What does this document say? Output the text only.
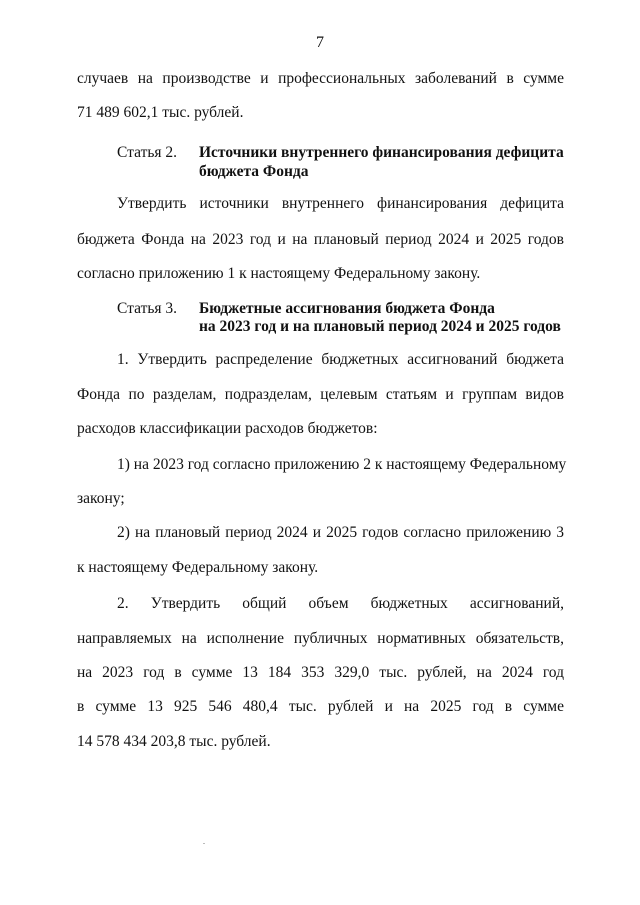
7
случаев на производстве и профессиональных заболеваний в сумме
71 489 602,1 тыс. рублей.
Статья 2. Источники внутреннего финансирования дефицита
бюджета Фонда
Утвердить источники внутреннего финансирования дефицита
бюджета Фонда на 2023 год и на плановый период 2024 и 2025 годов
согласно приложению 1 к настоящему Федеральному закону.
Статья 3. Бюджетные ассигнования бюджета Фонда
на 2023 год и на плановый период 2024 и 2025 годов
1. Утвердить распределение бюджетных ассигнований бюджета
Фонда по разделам, подразделам, целевым статьям и группам видов
расходов классификации расходов бюджетов:
1) на 2023 год согласно приложению 2 к настоящему Федеральному
закону;
2) на плановый период 2024 и 2025 годов согласно приложению 3
к настоящему Федеральному закону.
2. Утвердить общий объем бюджетных ассигнований,
направляемых на исполнение публичных нормативных обязательств,
на 2023 год в сумме 13 184 353 329,0 тыс. рублей, на 2024 год
в сумме 13 925 546 480,4 тыс. рублей и на 2025 год в сумме
14 578 434 203,8 тыс. рублей.
